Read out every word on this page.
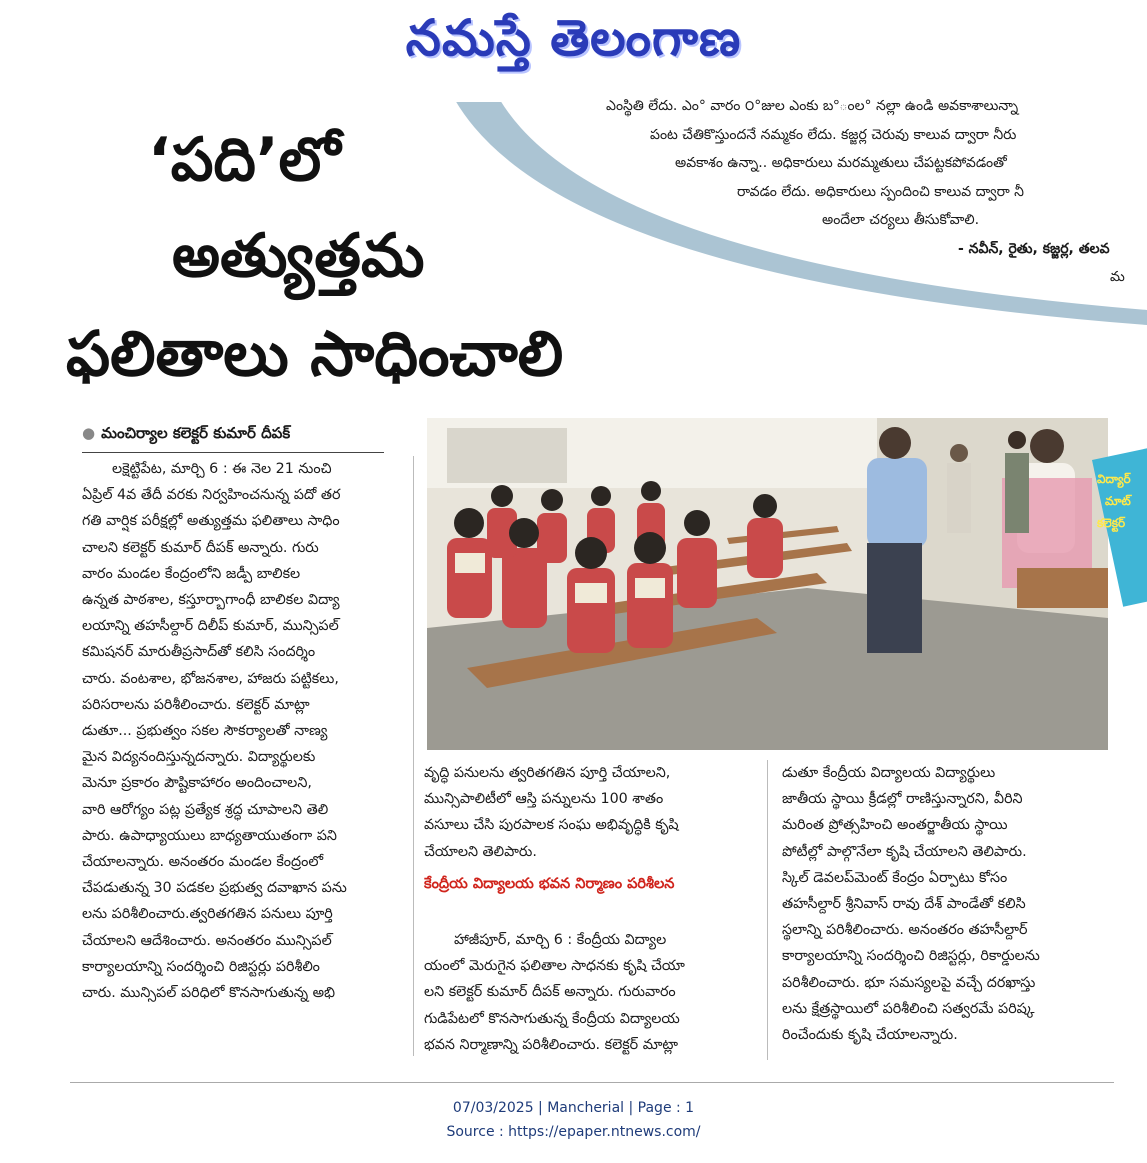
నమస్తే తెలంగాణ
ఎంస్థితి లేదు. ఎం° వారం ౦°జుల ఎంకు బ°ంల° నల్లా ఉండి అవకాశాలున్నా
పంట చేతికొస్తుందనే నమ్మకం లేదు. కజ్జర్ల చెరువు కాలువ ద్వారా నీరు
అవకాశం ఉన్నా.. అధికారులు మరమ్మతులు చేపట్టకపోవడంతో
రావడం లేదు. అధికారులు స్పందించి కాలువ ద్వారా నీ
అందేలా చర్యలు తీసుకోవాలి.
- నవీన్, రైతు, కజ్జర్ల, తలవ
మ
‘పది’లో
అత్యుత్తమ
ఫలితాలు సాధించాలి
● మంచిర్యాల కలెక్టర్ కుమార్ దీపక్

లక్షెట్టిపేట, మార్చి 6 : ఈ నెల 21 నుంచి

ఏప్రిల్ 4వ తేదీ వరకు నిర్వహించనున్న పదో తర

గతి వార్షిక పరీక్షల్లో అత్యుత్తమ ఫలితాలు సాధిం

చాలని కలెక్టర్ కుమార్ దీపక్ అన్నారు. గురు

వారం మండల కేంద్రంలోని జడ్పీ బాలికల

ఉన్నత పాఠశాల, కస్తూర్బాగాంధీ బాలికల విద్యా

లయాన్ని తహసీల్దార్ దిలీప్ కుమార్, మున్సిపల్

కమిషనర్ మారుతీప్రసాద్‌తో కలిసి సందర్శిం

చారు. వంటశాల, భోజనశాల, హాజరు పట్టికలు,

పరిసరాలను పరిశీలించారు. కలెక్టర్ మాట్లా

డుతూ... ప్రభుత్వం సకల సౌకర్యాలతో నాణ్య

మైన విద్యనందిస్తున్నదన్నారు. విద్యార్థులకు

మెనూ ప్రకారం పౌష్టికాహారం అందించాలని,

వారి ఆరోగ్యం పట్ల ప్రత్యేక శ్రద్ధ చూపాలని తెలి

పారు. ఉపాధ్యాయులు బాధ్యతాయుతంగా పని

చేయాలన్నారు. అనంతరం మండల కేంద్రంలో

చేపడుతున్న 30 పడకల ప్రభుత్వ దవాఖాన పను

లను పరిశీలించారు.త్వరితగతిన పనులు పూర్తి

చేయాలని ఆదేశించారు. అనంతరం మున్సిపల్

కార్యాలయాన్ని సందర్శించి రిజిస్టర్లు పరిశీలిం

చారు. మున్సిపల్ పరిధిలో కొనసాగుతున్న అభి

విద్యార్
మాట్
కలెక్టర్

వృద్ధి పనులను త్వరితగతిన పూర్తి చేయాలని,

మున్సిపాలిటీలో ఆస్తి పన్నులను 100 శాతం

వసూలు చేసి పురపాలక సంఘ అభివృద్ధికి కృషి

చేయాలని తెలిపారు.

కేంద్రీయ విద్యాలయ భవన నిర్మాణం పరిశీలన

హాజీపూర్, మార్చి 6 : కేంద్రీయ విద్యాల

యంలో మెరుగైన ఫలితాల సాధనకు కృషి చేయా

లని కలెక్టర్ కుమార్ దీపక్ అన్నారు. గురువారం

గుడిపేటలో కొనసాగుతున్న కేంద్రీయ విద్యాలయ

భవన నిర్మాణాన్ని పరిశీలించారు. కలెక్టర్ మాట్లా

డుతూ కేంద్రీయ విద్యాలయ విద్యార్థులు

జాతీయ స్థాయి క్రీడల్లో రాణిస్తున్నారని, వీరిని

మరింత ప్రోత్సహించి అంతర్జాతీయ స్థాయి

పోటీల్లో పాల్గొనేలా కృషి చేయాలని తెలిపారు.

స్కిల్ డెవలప్‌మెంట్ కేంద్రం ఏర్పాటు కోసం

తహసీల్దార్ శ్రీనివాస్ రావు దేశ్ పాండేతో కలిసి

స్థలాన్ని పరిశీలించారు. అనంతరం తహసీల్దార్

కార్యాలయాన్ని సందర్శించి రిజిస్టర్లు, రికార్డులను

పరిశీలించారు. భూ సమస్యలపై వచ్చే దరఖాస్తు

లను క్షేత్రస్థాయిలో పరిశీలించి సత్వరమే పరిష్క

రించేందుకు కృషి చేయాలన్నారు.

07/03/2025 | Mancherial | Page : 1
Source : https://epaper.ntnews.com/
